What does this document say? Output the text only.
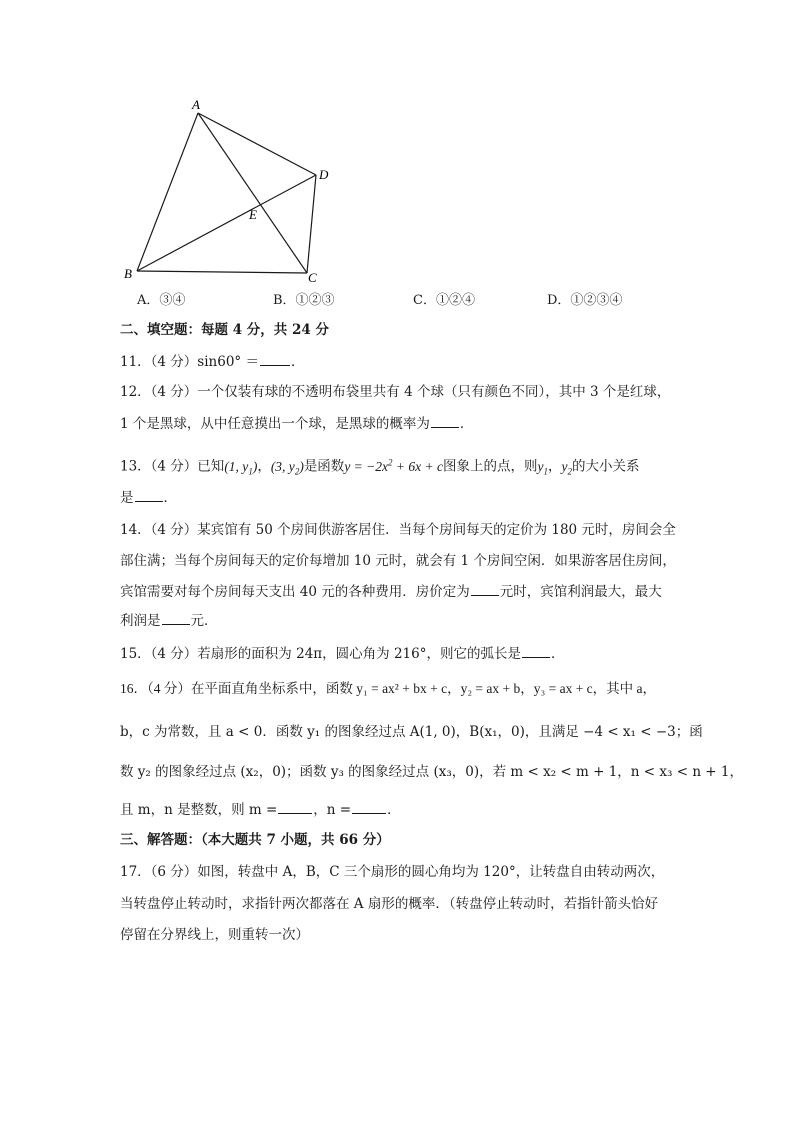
A
B	C
D
E
A．③④	B．①②③	C．①②④	D．①②③④
二、填空题：每题 4 分，共 24 分
11．（4 分）sin60° ＝ ．
12．（4 分）一个仅装有球的不透明布袋里共有 4 个球（只有颜色不同），其中 3 个是红球，
1 个是黑球，从中任意摸出一个球，是黑球的概率为 ．
13．（4 分）已知(1, $y_1$)，(3, $y_2$)是函数$y = -2x^2 + 6x + c$图象上的点，则$y_1$，$y_2$的大小关系
是 ．
14．（4 分）某宾馆有 50 个房间供游客居住．当每个房间每天的定价为 180 元时，房间会全
部住满；当每个房间每天的定价每增加 10 元时，就会有 1 个房间空闲．如果游客居住房间，
宾馆需要对每个房间每天支出 40 元的各种费用．房价定为 元时，宾馆利润最大，最大
利润是 元．
15．（4 分）若扇形的面积为 24π，圆心角为 216°，则它的弧长是 ．
16．（4 分）在平面直角坐标系中，函数 y₁ = ax² + bx + c，y₂ = ax + b，y₃ = ax + c，其中 a，
b，c 为常数，且 a < 0．函数 y₁ 的图象经过点 A(1, 0)，B(x₁，0)，且满足 −4 < x₁ < −3；函
数 y₂ 的图象经过点 (x₂，0)；函数 y₃ 的图象经过点 (x₃，0)，若 m < x₂ < m + 1，n < x₃ < n + 1，
且 m，n 是整数，则 m =	，n =	．
三、解答题：（本大题共 7 小题，共 66 分）
17．（6 分）如图，转盘中 A，B，C 三个扇形的圆心角均为 120°，让转盘自由转动两次，
当转盘停止转动时，求指针两次都落在 A 扇形的概率．（转盘停止转动时，若指针箭头恰好
停留在分界线上，则重转一次）
